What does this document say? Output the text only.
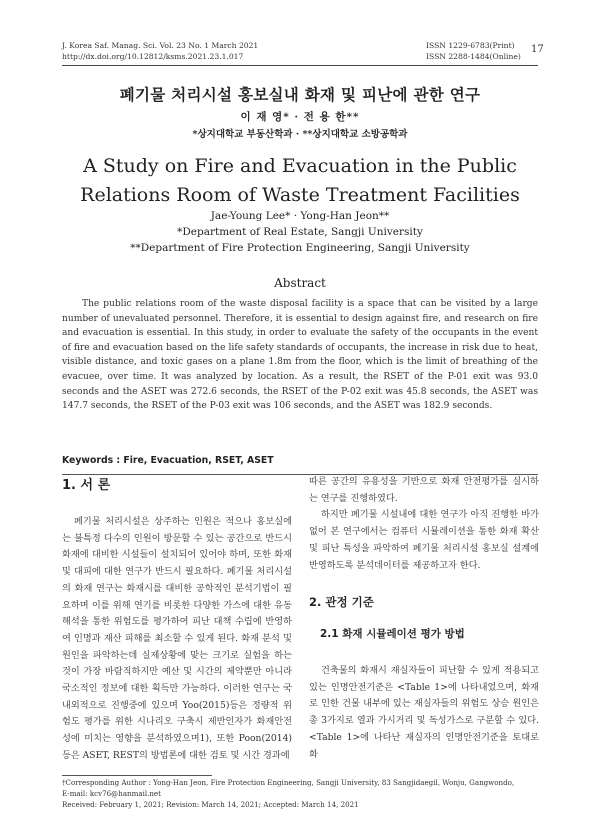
J. Korea Saf. Manag. Sci. Vol. 23 No. 1 March 2021
http://dx.doi.org/10.12812/ksms.2021.23.1.017
ISSN 1229-6783(Print)
ISSN 2288-1484(Online)
17
폐기물 처리시설 홍보실내 화재 및 피난에 관한 연구
이 재 영* · 전 용 한**
*상지대학교 부동산학과 · **상지대학교 소방공학과
A Study on Fire and Evacuation in the Public Relations Room of Waste Treatment Facilities
Jae-Young Lee* · Yong-Han Jeon**
*Department of Real Estate, Sangji University
**Department of Fire Protection Engineering, Sangji University
Abstract
The public relations room of the waste disposal facility is a space that can be visited by a large number of unevaluated personnel. Therefore, it is essential to design against fire, and research on fire and evacuation is essential. In this study, in order to evaluate the safety of the occupants in the event of fire and evacuation based on the life safety standards of occupants, the increase in risk due to heat, visible distance, and toxic gases on a plane 1.8m from the floor, which is the limit of breathing of the evacuee, over time. It was analyzed by location. As a result, the RSET of the P-01 exit was 93.0 seconds and the ASET was 272.6 seconds, the RSET of the P-02 exit was 45.8 seconds, the ASET was 147.7 seconds, the RSET of the P-03 exit was 106 seconds, and the ASET was 182.9 seconds.
Keywords : Fire, Evacuation, RSET, ASET
1. 서 론
폐기물 처리시설은 상주하는 인원은 적으나 홍보실에는 불특정 다수의 인원이 방문할 수 있는 공간으로 반드시 화재에 대비한 시설들이 설치되어 있어야 하며, 또한 화재 및 대피에 대한 연구가 반드시 필요하다. 폐기물 처리시설의 화재 연구는 화재시를 대비한 공학적인 분석기법이 필요하며 이를 위해 연기를 비롯한 다양한 가스에 대한 유동해석을 통한 위험도를 평가하여 피난 대책 수립에 반영하여 인명과 재산 피해를 최소할 수 있게 된다. 화재 분석 및 원인을 파악하는데 실제상황에 맞는 크기로 실험을 하는 것이 가장 바람직하지만 예산 및 시간의 제약뿐만 아니라 국소적인 정보에 대한 획득만 가능하다. 이러한 연구는 국내외적으로 진행중에 있으며 Yoo(2015)등은 정량적 위험도 평가를 위한 시나리오 구축시 제반인자가 화재안전성에 미치는 영향을 분석하였으며1), 또한 Poon(2014)등은 ASET, REST의 방법론에 대한 검토 및 시간 경과에
따른 공간의 유용성을 기반으로 화재 안전평가를 실시하는 연구를 진행하였다.
하지만 폐기물 시설내에 대한 연구가 아직 진행한 바가 없어 본 연구에서는 컴퓨터 시뮬레이션을 통한 화재 확산 및 피난 특성을 파악하여 폐기물 처리시설 홍보실 설계에 반영하도록 분석데이터를 제공하고자 한다.
2. 관정 기준
2.1 화재 시뮬레이션 평가 방법
건축물의 화재시 재실자들이 피난할 수 있게 적용되고 있는 인명안전기준은 <Table 1>에 나타내었으며, 화재로 인한 건물 내부에 있는 재실자들의 위험도 상승 원인은 총 3가지로 열과 가시거리 및 독성가스로 구분할 수 있다. <Table 1>에 나타난 재실자의 인명안전기준을 토대로 화
†Corresponding Author : Yong-Han Jeon, Fire Protection Engineering, Sangji University, 83 Sangjidaegil, Wonju, Gangwondo,
E-mail: kcv76@hanmail.net
Received: February 1, 2021; Revision: March 14, 2021; Accepted: March 14, 2021
